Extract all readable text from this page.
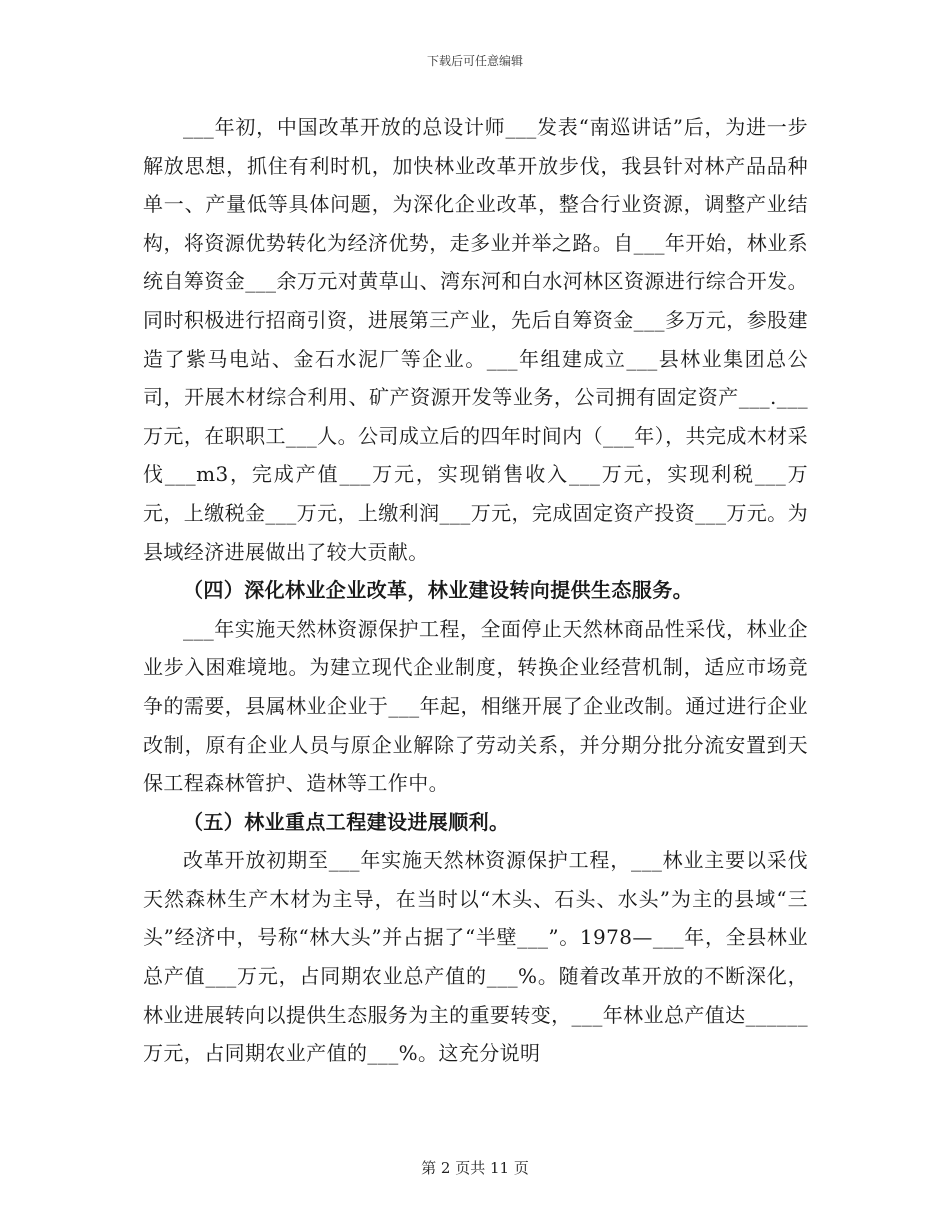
下载后可任意编辑

___年初，中国改革开放的总设计师___发表“南巡讲话”后，为进一步解放思想，抓住有利时机，加快林业改革开放步伐，我县针对林产品品种单一、产量低等具体问题，为深化企业改革，整合行业资源，调整产业结构，将资源优势转化为经济优势，走多业并举之路。自___年开始，林业系统自筹资金___余万元对黄草山、湾东河和白水河林区资源进行综合开发。同时积极进行招商引资，进展第三产业，先后自筹资金___多万元，参股建造了紫马电站、金石水泥厂等企业。___年组建成立___县林业集团总公司，开展木材综合利用、矿产资源开发等业务，公司拥有固定资产___.___万元，在职职工___人。公司成立后的四年时间内（___年），共完成木材采伐___m3，完成产值___万元，实现销售收入___万元，实现利税___万元，上缴税金___万元，上缴利润___万元，完成固定资产投资___万元。为县域经济进展做出了较大贡献。

（四）深化林业企业改革，林业建设转向提供生态服务。

___年实施天然林资源保护工程，全面停止天然林商品性采伐，林业企业步入困难境地。为建立现代企业制度，转换企业经营机制，适应市场竞争的需要，县属林业企业于___年起，相继开展了企业改制。通过进行企业改制，原有企业人员与原企业解除了劳动关系，并分期分批分流安置到天保工程森林管护、造林等工作中。

（五）林业重点工程建设进展顺利。

改革开放初期至___年实施天然林资源保护工程，___林业主要以采伐天然森林生产木材为主导，在当时以“木头、石头、水头”为主的县域“三头”经济中，号称“林大头”并占据了“半壁___”。1978—___年，全县林业总产值___万元，占同期农业总产值的___%。随着改革开放的不断深化，林业进展转向以提供生态服务为主的重要转变，___年林业总产值达______万元，占同期农业产值的___%。这充分说明

第 2 页共 11 页
